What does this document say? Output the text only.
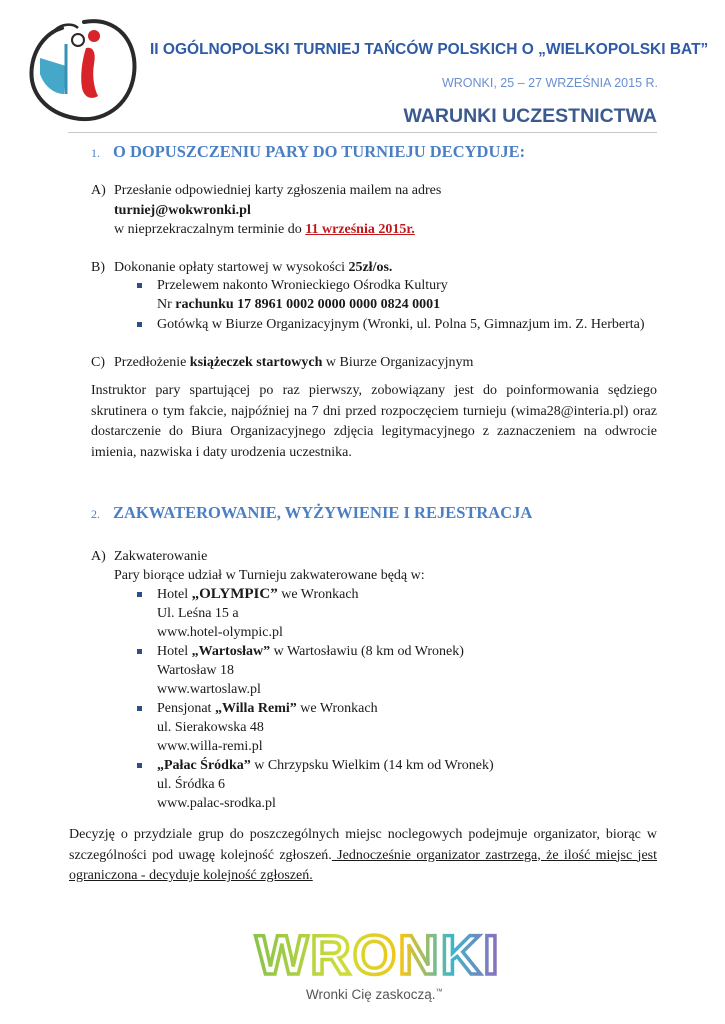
II OGÓLNOPOLSKI TURNIEJ TAŃCÓW POLSKICH O „WIELKOPOLSKI BAT”
WRONKI, 25 – 27 WRZEŚNIA 2015 R.
WARUNKI UCZESTNICTWA
1. O DOPUSZCZENIU PARY DO TURNIEJU DECYDUJE:
A) Przesłanie odpowiedniej karty zgłoszenia mailem na adres
turniej@wokwronki.pl
w nieprzekraczalnym terminie do 11 września 2015r.
B) Dokonanie opłaty startowej w wysokości 25zł/os.
Przelewem nakonto Wronieckiego Ośrodka Kultury
Nr rachunku 17 8961 0002 0000 0000 0824 0001
Gotówką w Biurze Organizacyjnym (Wronki, ul. Polna 5, Gimnazjum im. Z. Herberta)
C) Przedłożenie książeczek startowych w Biurze Organizacyjnym
Instruktor pary spartującej po raz pierwszy, zobowiązany jest do poinformowania sędziego skrutinera o tym fakcie, najpóźniej na 7 dni przed rozpoczęciem turnieju (wima28@interia.pl) oraz dostarczenie do Biura Organizacyjnego zdjęcia legitymacyjnego z zaznaczeniem na odwrocie imienia, nazwiska i daty urodzenia uczestnika.
2. ZAKWATEROWANIE, WYŻYWIENIE I REJESTRACJA
A) Zakwaterowanie
Pary biorące udział w Turnieju zakwaterowane będą w:
Hotel „OLYMPIC” we Wronkach
Ul. Leśna 15 a
www.hotel-olympic.pl
Hotel „Wartosław” w Wartosławiu (8 km od Wronek)
Wartosław 18
www.wartoslaw.pl
Pensjonat „Willa Remi” we Wronkach
ul. Sierakowska 48
www.willa-remi.pl
„Pałac Śródka” w Chrzypsku Wielkim (14 km od Wronek)
ul. Śródka 6
www.palac-srodka.pl
Decyzję o przydziale grup do poszczególnych miejsc noclegowych podejmuje organizator, biorąc w szczególności pod uwagę kolejność zgłoszeń. Jednocześnie organizator zastrzega, że ilość miejsc jest ograniczona - decyduje kolejność zgłoszeń.
WRONKI
Wronki Cię zaskoczą.™
